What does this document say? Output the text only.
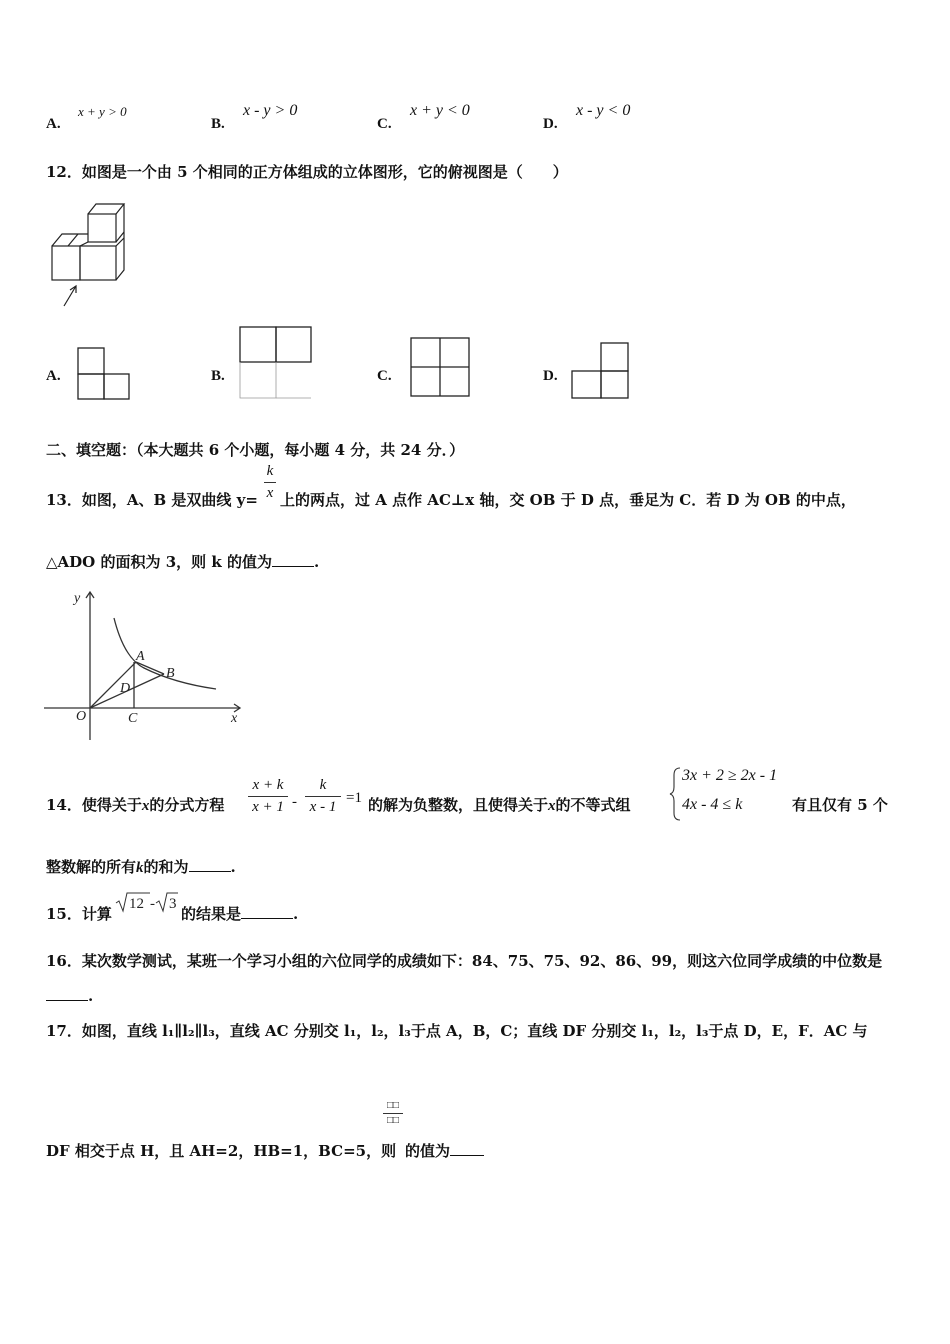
A.
x + y > 0
B.
x - y > 0
C.
x + y < 0
D.
x - y < 0
12．如图是一个由 5 个相同的正方体组成的立体图形，它的俯视图是（　　）
A.	B.	C.	D.
二、填空题：（本大题共 6 个小题，每小题 4 分，共 24 分．）
13．如图，A、B 是双曲线 y=
k
x 上的两点，过 A 点作 AC⊥x 轴，交 OB 于 D 点，垂足为 C．若 D 为 OB 的中点，
△ADO 的面积为 3，则 k 的值为	.
y
x
O	C
A
B
D
14．使得关于x的分式方程
x + k
x + 1 -
k
x - 1
=1 的解为负整数，且使得关于x的不等式组
3x + 2 ≥ 2x - 1
4x - 4 ≤ k	有且仅有 5 个
整数解的所有k的和为	.
15．计算
12 - 3
的结果是	.
16．某次数学测试，某班一个学习小组的六位同学的成绩如下：84、75、75、92、86、99，则这六位同学成绩的中位数是
.
17．如图，直线 l₁∥l₂∥l₃，直线 AC 分别交 l₁，l₂，l₃于点 A，B，C；直线 DF 分别交 l₁，l₂，l₃于点 D，E，F．AC 与
□□
□□
DF 相交于点 H，且 AH=2，HB=1，BC=5，则 的值为
